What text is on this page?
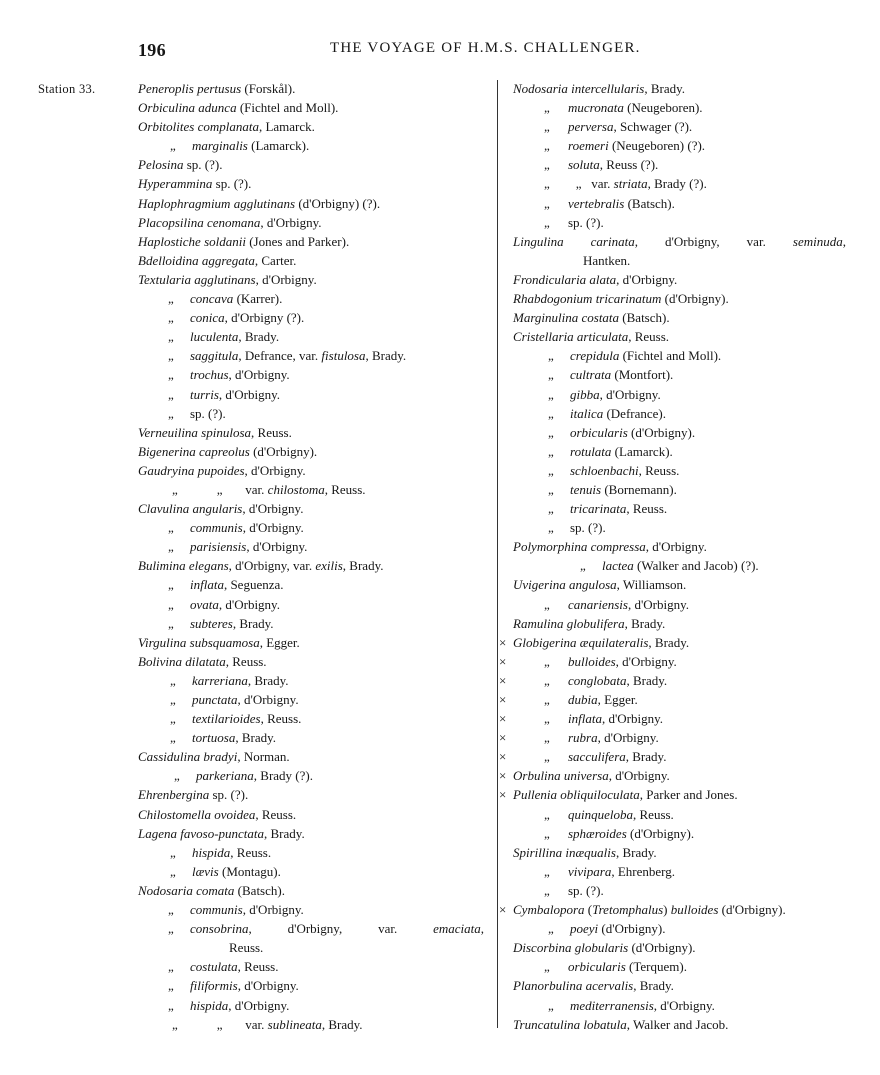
196	THE VOYAGE OF H.M.S. CHALLENGER.
Station 33.	Peneroplis pertusus (Forskål).
Orbiculina adunca (Fichtel and Moll).
Orbitolites complanata, Lamarck.
„ marginalis (Lamarck).
Pelosina sp. (?).
Hyperammina sp. (?).
Haplophragmium agglutinans (d'Orbigny) (?).
Placopsilina cenomana, d'Orbigny.
Haplostiche soldanii (Jones and Parker).
Bdelloidina aggregata, Carter.
Textularia agglutinans, d'Orbigny.
„ concava (Karrer).
„ conica, d'Orbigny (?).
„ luculenta, Brady.
„ saggitula, Defrance, var. fistulosa, Brady.
„ trochus, d'Orbigny.
„ turris, d'Orbigny.
„ sp. (?).
Verneuilina spinulosa, Reuss.
Bigenerina capreolus (d'Orbigny).
Gaudryina pupoides, d'Orbigny.
„            „       var. chilostoma, Reuss.
Clavulina angularis, d'Orbigny.
„ communis, d'Orbigny.
„ parisiensis, d'Orbigny.
Bulimina elegans, d'Orbigny, var. exilis, Brady.
„ inflata, Seguenza.
„ ovata, d'Orbigny.
„ subteres, Brady.
Virgulina subsquamosa, Egger.
Bolivina dilatata, Reuss.
„ karreriana, Brady.
„ punctata, d'Orbigny.
„ textilarioides, Reuss.
„ tortuosa, Brady.
Cassidulina bradyi, Norman.
„ parkeriana, Brady (?).
Ehrenbergina sp. (?).
Chilostomella ovoidea, Reuss.
Lagena favoso-punctata, Brady.
„ hispida, Reuss.
„ lævis (Montagu).
Nodosaria comata (Batsch).
„ communis, d'Orbigny.
„ consobrina, d'Orbigny, var. emaciata,
Reuss.
„ costulata, Reuss.
„ filiformis, d'Orbigny.
„ hispida, d'Orbigny.
„            „       var. sublineata, Brady.
Nodosaria intercellularis, Brady.
„ mucronata (Neugeboren).
„ perversa, Schwager (?).
„ roemeri (Neugeboren) (?).
„ soluta, Reuss (?).
„        „   var. striata, Brady (?).
„ vertebralis (Batsch).
„ sp. (?).
Lingulina carinata, d'Orbigny, var. seminuda,
Hantken.
Frondicularia alata, d'Orbigny.
Rhabdogonium tricarinatum (d'Orbigny).
Marginulina costata (Batsch).
Cristellaria articulata, Reuss.
„ crepidula (Fichtel and Moll).
„ cultrata (Montfort).
„ gibba, d'Orbigny.
„ italica (Defrance).
„ orbicularis (d'Orbigny).
„ rotulata (Lamarck).
„ schloenbachi, Reuss.
„ tenuis (Bornemann).
„ tricarinata, Reuss.
„ sp. (?).
Polymorphina compressa, d'Orbigny.
„ lactea (Walker and Jacob) (?).
Uvigerina angulosa, Williamson.
„ canariensis, d'Orbigny.
Ramulina globulifera, Brady.
× Globigerina æquilateralis, Brady.
×	„ bulloides, d'Orbigny.
×	„ conglobata, Brady.
×	„ dubia, Egger.
×	„ inflata, d'Orbigny.
×	„ rubra, d'Orbigny.
×	„ sacculifera, Brady.
× Orbulina universa, d'Orbigny.
× Pullenia obliquiloculata, Parker and Jones.
„ quinqueloba, Reuss.
„ sphæroides (d'Orbigny).
Spirillina inæqualis, Brady.
„ vivipara, Ehrenberg.
„ sp. (?).
× Cymbalopora (Tretomphalus) bulloides (d'Orbigny).
„ poeyi (d'Orbigny).
Discorbina globularis (d'Orbigny).
„ orbicularis (Terquem).
Planorbulina acervalis, Brady.
„ mediterranensis, d'Orbigny.
Truncatulina lobatula, Walker and Jacob.
